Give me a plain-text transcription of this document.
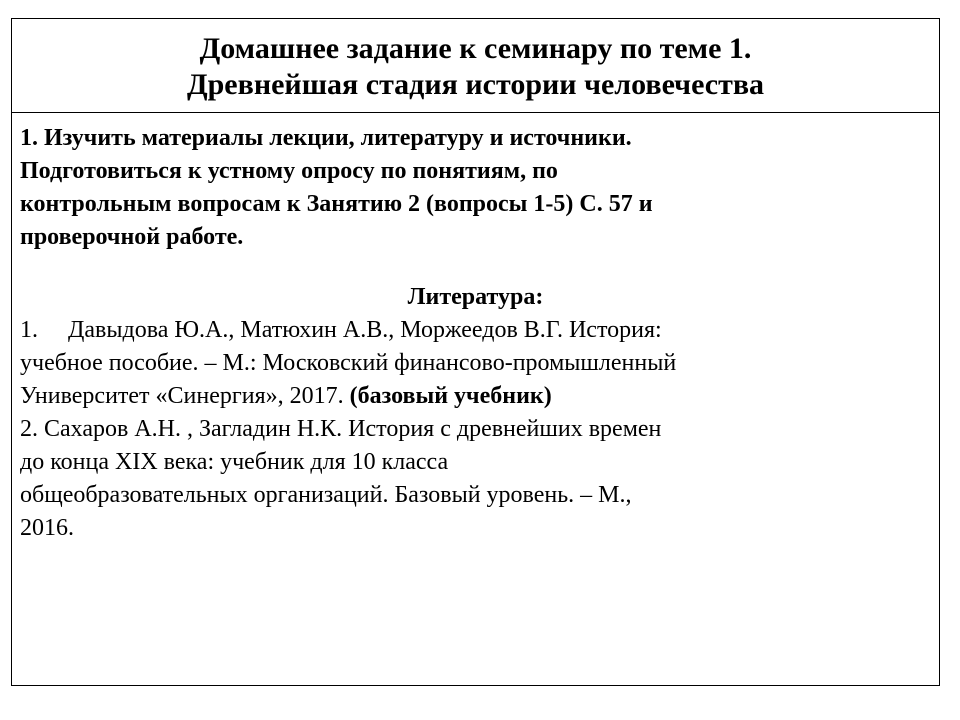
Домашнее задание к семинару по теме 1.
Древнейшая стадия истории человечества
1. Изучить материалы лекции, литературу и источники.
Подготовиться к устному опросу по понятиям, по
контрольным вопросам к Занятию 2 (вопросы 1-5) С. 57 и
проверочной работе.
Литература:
1. Давыдова Ю.А., Матюхин А.В., Моржеедов В.Г. История:
учебное пособие. – М.: Московский финансово-промышленный
Университет «Синергия», 2017. (базовый учебник)
2. Сахаров А.Н. , Загладин Н.К. История с древнейших времен
до конца XIX века: учебник для 10 класса
общеобразовательных организаций. Базовый уровень. – М.,
2016.
